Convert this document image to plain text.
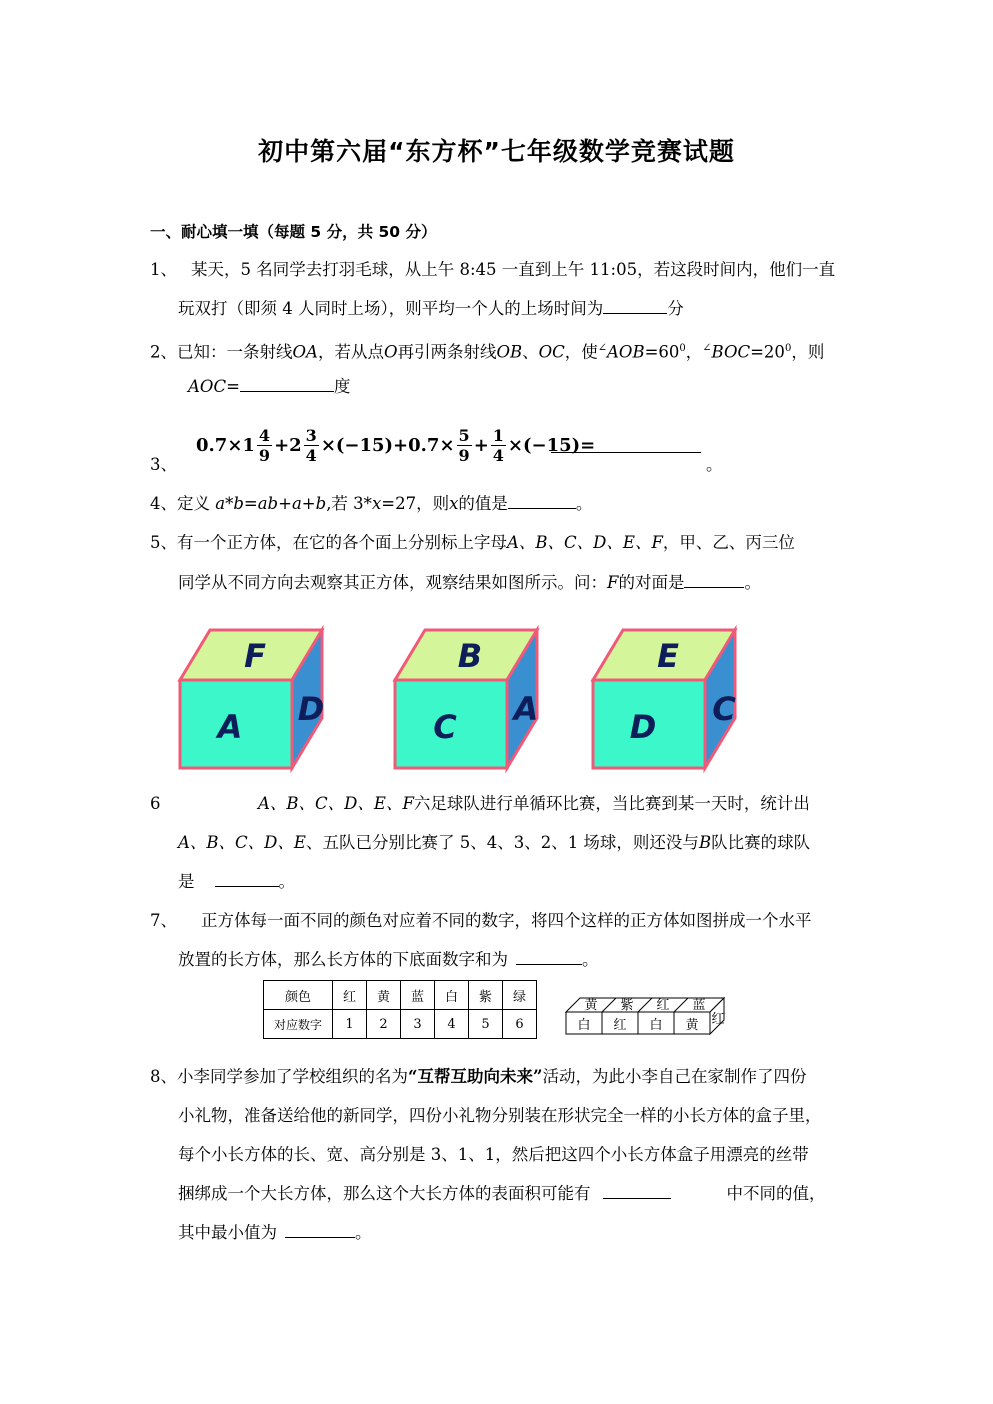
初中第六届“东方杯”七年级数学竞赛试题
一、耐心填一填（每题 5 分，共 50 分）
1、 某天，5 名同学去打羽毛球，从上午 8:45 一直到上午 11:05，若这段时间内，他们一直
玩双打（即须 4 人同时上场），则平均一个人的上场时间为	分
2、已知：一条射线OA，若从点O再引两条射线OB、OC，使$^\angle AOB=60^0$，$^\angle BOC=20^0$，则
AOC=	度
3、
0.7×1 4
$9 +2 \frac{3}{4} \times(-15)+0.7\times \frac{5}{9} + \frac{1}{4} \times(-15)=$
。
4、定义 a*b=ab+a+b,若 3*x=27，则x的值是	。
5、有一个正方体，在它的各个面上分别标上字母A、B、C、D、E、F，甲、乙、丙三位
同学从不同方向去观察其正方体，观察结果如图所示。问：F的对面是	。
F
A D
B
C A
E
D C
6	A、B、C、D、E、F六足球队进行单循环比赛，当比赛到某一天时，统计出
A、B、C、D、E、五队已分别比赛了 5、4、3、2、1 场球，则还没与B队比赛的球队
是	。
7、 正方体每一面不同的颜色对应着不同的数字，将四个这样的正方体如图拼成一个水平
放置的长方体，那么长方体的下底面数字和为	。
颜色	红	黄	蓝	白	紫	绿
对应数字	1	2	3	4	5	6
黄 紫 红 蓝
白 红 白 黄 红
8、小李同学参加了学校组织的名为“互帮互助向未来”活动，为此小李自己在家制作了四份
小礼物，准备送给他的新同学，四份小礼物分别装在形状完全一样的小长方体的盒子里，
每个小长方体的长、宽、高分别是 3、1、1，然后把这四个小长方体盒子用漂亮的丝带
捆绑成一个大长方体，那么这个大长方体的表面积可能有	中不同的值，
其中最小值为	。
